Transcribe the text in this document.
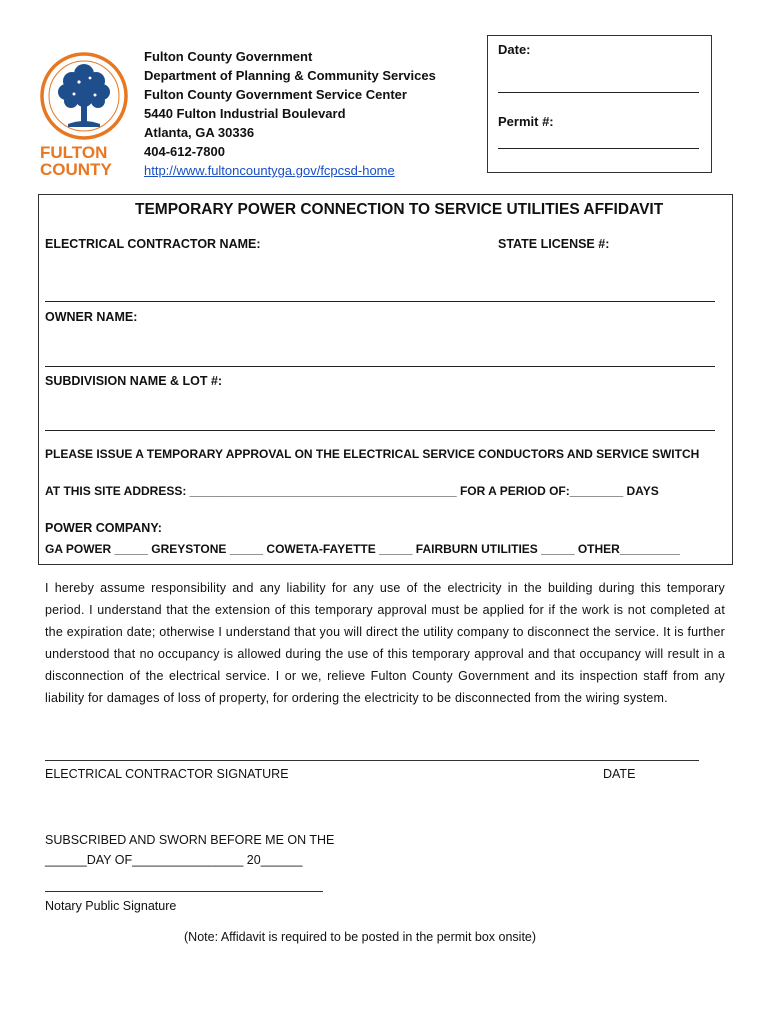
FULTON
COUNTY
Fulton County Government
Department of Planning & Community Services
Fulton County Government Service Center
5440 Fulton Industrial Boulevard
Atlanta, GA 30336
404-612-7800
http://www.fultoncountyga.gov/fcpcsd-home
Date:
Permit #:
TEMPORARY POWER CONNECTION TO SERVICE UTILITIES AFFIDAVIT
ELECTRICAL CONTRACTOR NAME:	STATE LICENSE #:
OWNER NAME:
SUBDIVISION NAME & LOT #:
PLEASE ISSUE A TEMPORARY APPROVAL ON THE ELECTRICAL SERVICE CONDUCTORS AND SERVICE SWITCH
AT THIS SITE ADDRESS: ________________________________________ FOR A PERIOD OF:________ DAYS
POWER COMPANY:
GA POWER _____ GREYSTONE _____ COWETA-FAYETTE _____ FAIRBURN UTILITIES _____ OTHER_________
I hereby assume responsibility and any liability for any use of the electricity in the building during this temporary period. I understand that the extension of this temporary approval must be applied for if the work is not completed at the expiration date; otherwise I understand that you will direct the utility company to disconnect the service. It is further understood that no occupancy is allowed during the use of this temporary approval and that occupancy will result in a disconnection of the electrical service. I or we, relieve Fulton County Government and its inspection staff from any liability for damages of loss of property, for ordering the electricity to be disconnected from the wiring system.
ELECTRICAL CONTRACTOR SIGNATURE	DATE
SUBSCRIBED AND SWORN BEFORE ME ON THE
______DAY OF________________ 20______
Notary Public Signature
(Note: Affidavit is required to be posted in the permit box onsite)
